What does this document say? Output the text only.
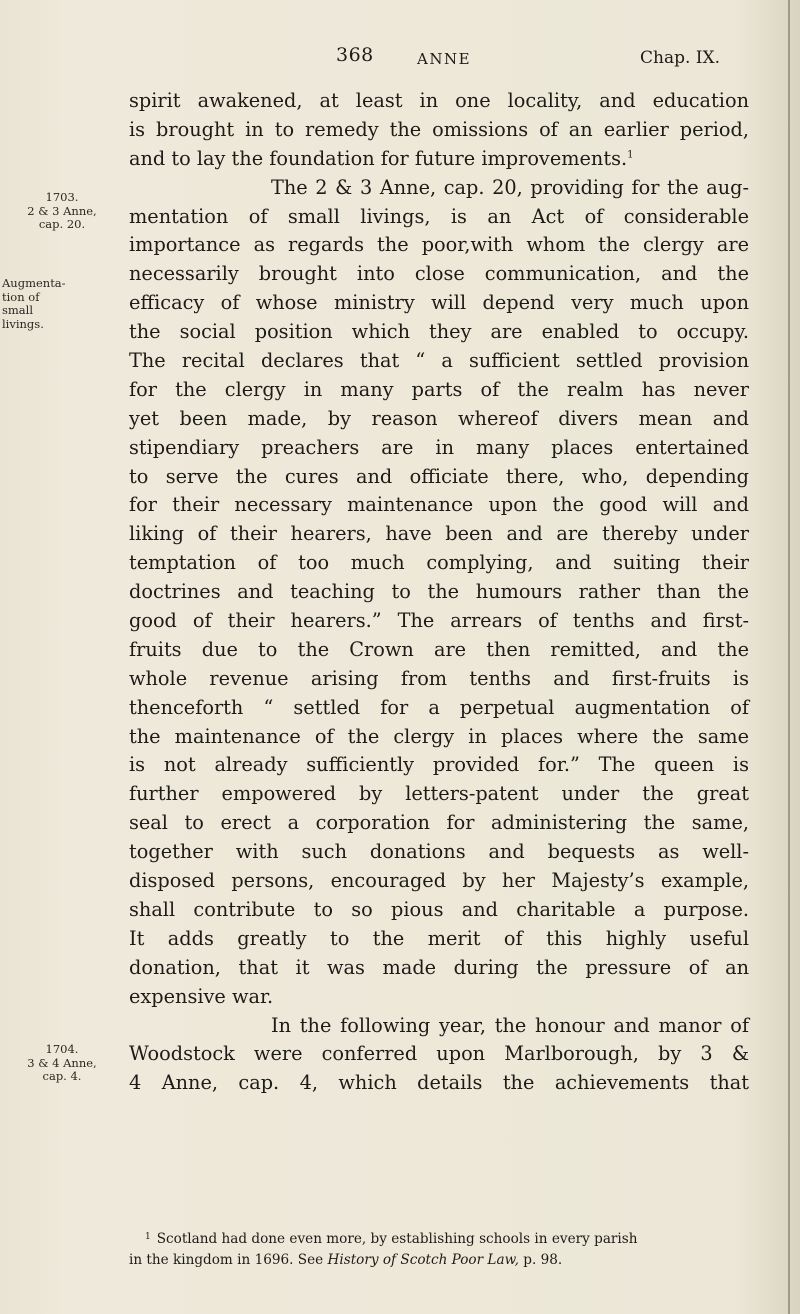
368	ANNE	Chap. IX.
1703.
2 & 3 Anne,
cap. 20.
Augmenta-
tion of
small
livings.
1704.
3 & 4 Anne,
cap. 4.
spirit awakened, at least in one locality, and education
is brought in to remedy the omissions of an earlier period,
and to lay the foundation for future improvements.$^1$
The 2 & 3 Anne, cap. 20, providing for the aug-
mentation of small livings, is an Act of considerable
importance as regards the poor,with whom the clergy are
necessarily brought into close communication, and the
efficacy of whose ministry will depend very much upon
the social position which they are enabled to occupy.
The recital declares that “ a sufficient settled provision
for the clergy in many parts of the realm has never
yet been made, by reason whereof divers mean and
stipendiary preachers are in many places entertained
to serve the cures and officiate there, who, depending
for their necessary maintenance upon the good will and
liking of their hearers, have been and are thereby under
temptation of too much complying, and suiting their
doctrines and teaching to the humours rather than the
good of their hearers.” The arrears of tenths and first-
fruits due to the Crown are then remitted, and the
whole revenue arising from tenths and first-fruits is
thenceforth “ settled for a perpetual augmentation of
the maintenance of the clergy in places where the same
is not already sufficiently provided for.” The queen is
further empowered by letters-patent under the great
seal to erect a corporation for administering the same,
together with such donations and bequests as well-
disposed persons, encouraged by her Majesty’s example,
shall contribute to so pious and charitable a purpose.
It adds greatly to the merit of this highly useful
donation, that it was made during the pressure of an
expensive war.
In the following year, the honour and manor of
Woodstock were conferred upon Marlborough, by 3 &
4 Anne, cap. 4, which details the achievements that
$^1$ Scotland had done even more, by establishing schools in every parish
in the kingdom in 1696. See History of Scotch Poor Law, p. 98.
